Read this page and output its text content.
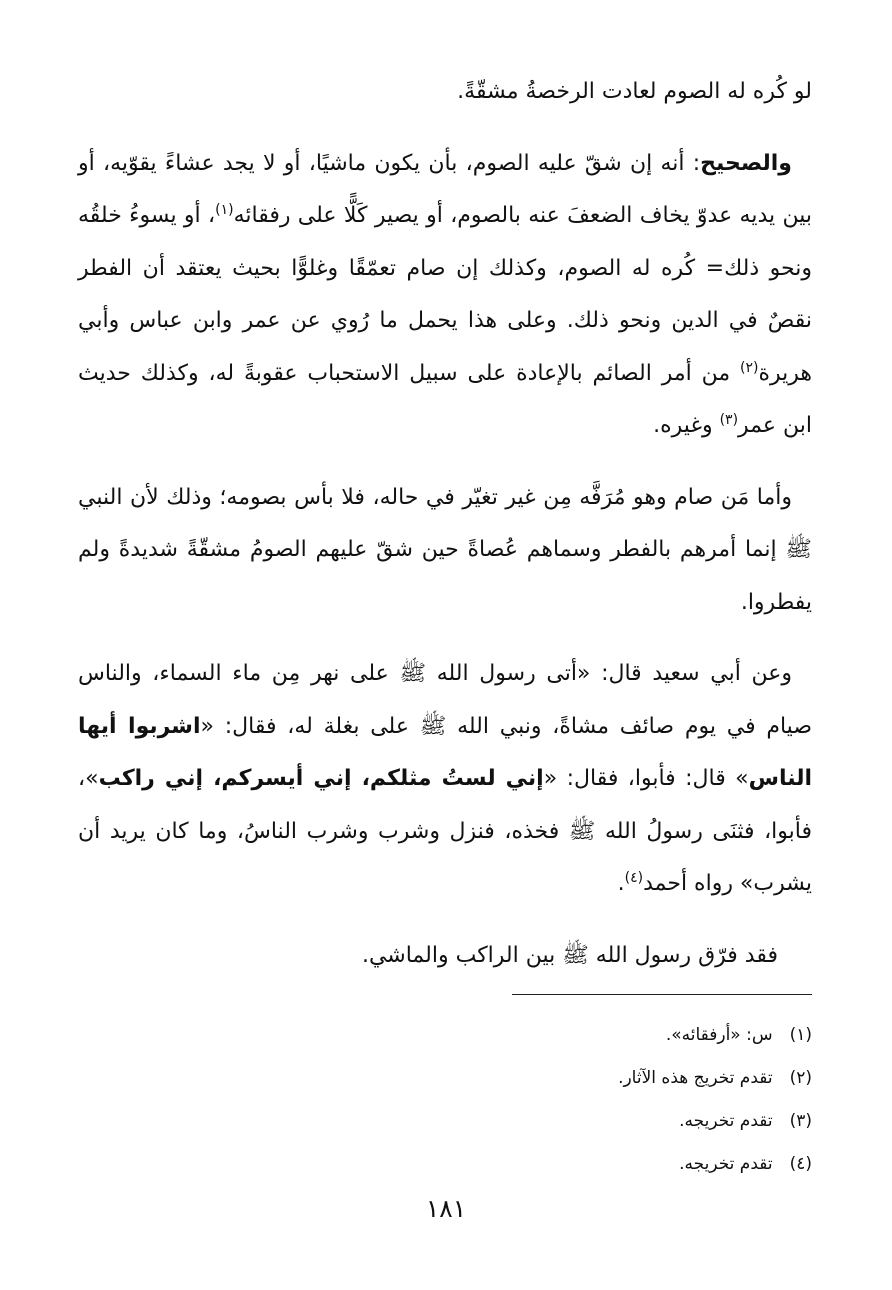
لو كُره له الصوم لعادت الرخصةُ مشقّةً.

والصحيح: أنه إن شقّ عليه الصوم، بأن يكون ماشيًا، أو لا يجد عشاءً يقوّيه، أو بين يديه عدوّ يخاف الضعفَ عنه بالصوم، أو يصير كَلًّا على رفقائه$^{(١)}$، أو يسوءُ خلقُه ونحو ذلك= كُره له الصوم، وكذلك إن صام تعمّقًا وغلوًّا بحيث يعتقد أن الفطر نقصٌ في الدين ونحو ذلك. وعلى هذا يحمل ما رُوي عن عمر وابن عباس وأبي هريرة$^{(٢)}$ من أمر الصائم بالإعادة على سبيل الاستحباب عقوبةً له، وكذلك حديث ابن عمر$^{(٣)}$ وغيره.

وأما مَن صام وهو مُرَفَّه مِن غير تغيّر في حاله، فلا بأس بصومه؛ وذلك لأن النبي ﷺ إنما أمرهم بالفطر وسماهم عُصاةً حين شقّ عليهم الصومُ مشقّةً شديدةً ولم يفطروا.

وعن أبي سعيد قال: «أتى رسول الله ﷺ على نهر مِن ماء السماء، والناس صيام في يوم صائف مشاةً، ونبي الله ﷺ على بغلة له، فقال: «اشربوا أيها الناس» قال: فأبوا، فقال: «إني لستُ مثلكم، إني أيسركم، إني راكب»، فأبوا، فثنَى رسولُ الله ﷺ فخذه، فنزل وشرب وشرب الناسُ، وما كان يريد أن يشرب» رواه أحمد$^{(٤)}$.

فقد فرّق رسول الله ﷺ بين الراكب والماشي.

(١) س: «أرفقائه».
(٢) تقدم تخريج هذه الآثار.
(٣) تقدم تخريجه.
(٤) تقدم تخريجه.
١٨١
